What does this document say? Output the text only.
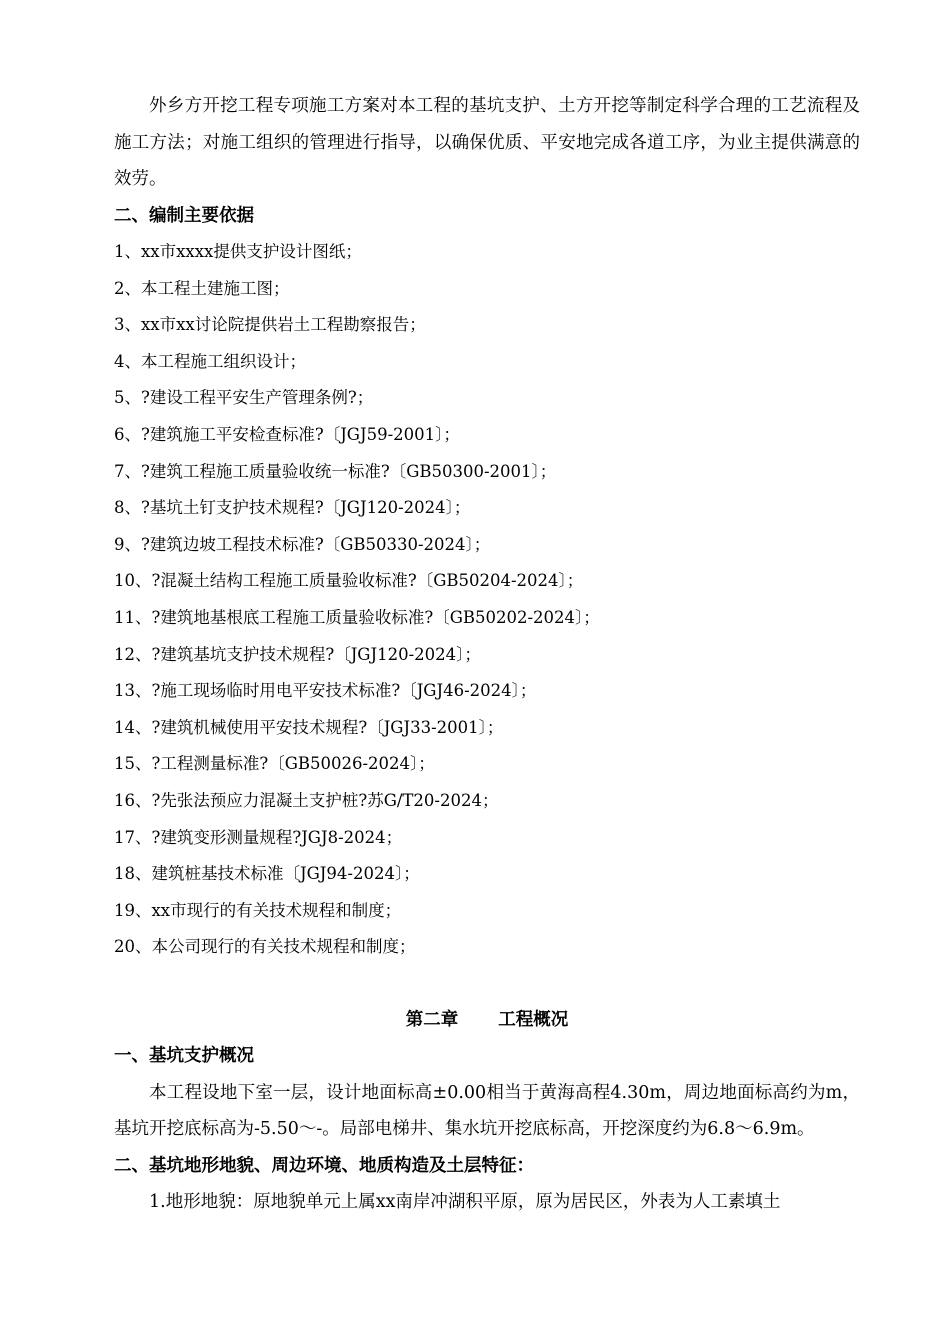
外乡方开挖工程专项施工方案对本工程的基坑支护、土方开挖等制定科学合理的工艺流程及施工方法；对施工组织的管理进行指导，以确保优质、平安地完成各道工序，为业主提供满意的效劳。

二、编制主要依据

1、xx市xxxx提供支护设计图纸；
2、本工程土建施工图；
3、xx市xx讨论院提供岩土工程勘察报告；
4、本工程施工组织设计；
5、?建设工程平安生产管理条例?；
6、?建筑施工平安检查标准?〔JGJ59-2001〕；
7、?建筑工程施工质量验收统一标准?〔GB50300-2001〕；
8、?基坑土钉支护技术规程?〔JGJ120-2024〕；
9、?建筑边坡工程技术标准?〔GB50330-2024〕；
10、?混凝土结构工程施工质量验收标准?〔GB50204-2024〕；
11、?建筑地基根底工程施工质量验收标准?〔GB50202-2024〕；
12、?建筑基坑支护技术规程?〔JGJ120-2024〕；
13、?施工现场临时用电平安技术标准?〔JGJ46-2024〕；
14、?建筑机械使用平安技术规程?〔JGJ33-2001〕；
15、?工程测量标准?〔GB50026-2024〕；
16、?先张法预应力混凝土支护桩?苏G/T20-2024；
17、?建筑变形测量规程?JGJ8-2024；
18、建筑桩基技术标准〔JGJ94-2024〕；
19、xx市现行的有关技术规程和制度；
20、本公司现行的有关技术规程和制度；

第二章 工程概况

一、基坑支护概况

本工程设地下室一层，设计地面标高±0.00相当于黄海高程4.30m，周边地面标高约为m，基坑开挖底标高为-5.50～-。局部电梯井、集水坑开挖底标高，开挖深度约为6.8～6.9m。

二、基坑地形地貌、周边环境、地质构造及土层特征：

1.地形地貌：原地貌单元上属xx南岸冲湖积平原，原为居民区，外表为人工素填土
